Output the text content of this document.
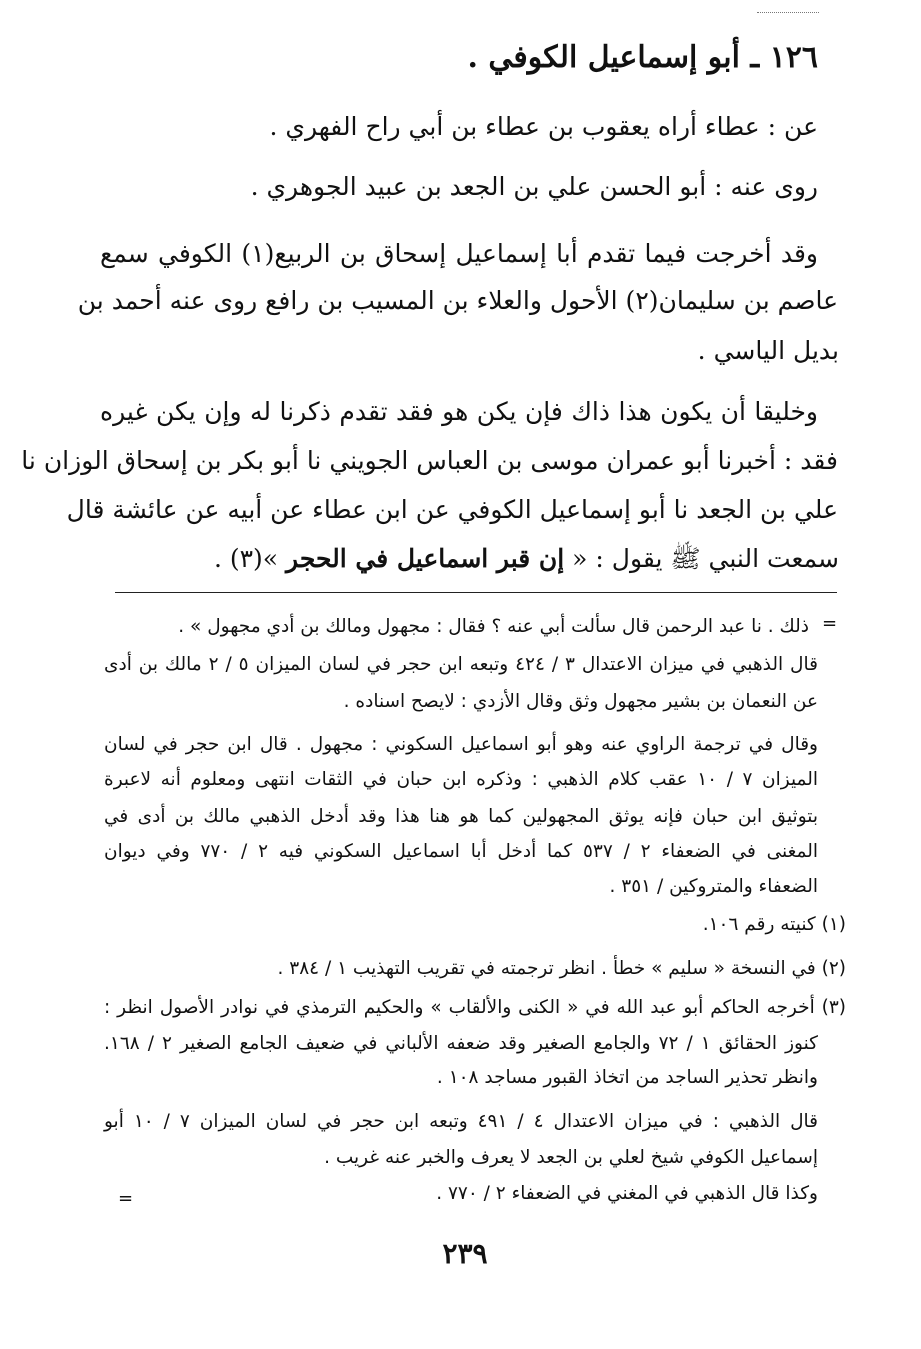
١٢٦ ـ أبو إسماعيل الكوفي .
عن : عطاء أراه يعقوب بن عطاء بن أبي راح الفهري .
روى عنه : أبو الحسن علي بن الجعد بن عبيد الجوهري .
وقد أخرجت فيما تقدم أبا إسماعيل إسحاق بن الربيع(١) الكوفي سمع
عاصم بن سليمان(٢) الأحول والعلاء بن المسيب بن رافع روى عنه أحمد بن
بديل الياسي .
وخليقا أن يكون هذا ذاك فإن يكن هو فقد تقدم ذكرنا له وإن يكن غيره
فقد : أخبرنا أبو عمران موسى بن العباس الجويني نا أبو بكر بن إسحاق الوزان نا
علي بن الجعد نا أبو إسماعيل الكوفي عن ابن عطاء عن أبيه عن عائشة قال
سمعت النبي ﷺ يقول : « إن قبر اسماعيل في الحجر »(٣) .
=
ذلك . نا عبد الرحمن قال سألت أبي عنه ؟ فقال : مجهول ومالك بن أدي مجهول » .
قال الذهبي في ميزان الاعتدال ٣ / ٤٢٤ وتبعه ابن حجر في لسان الميزان ٥ / ٢ مالك بن أدى
عن النعمان بن بشير مجهول وثق وقال الأزدي : لايصح اسناده .
وقال في ترجمة الراوي عنه وهو أبو اسماعيل السكوني : مجهول . قال ابن حجر في لسان
الميزان ٧ / ١٠ عقب كلام الذهبي : وذكره ابن حبان في الثقات انتهى ومعلوم أنه لاعبرة
بتوثيق ابن حبان فإنه يوثق المجهولين كما هو هنا هذا وقد أدخل الذهبي مالك بن أدى في
المغنى في الضعفاء ٢ / ٥٣٧ كما أدخل أبا اسماعيل السكوني فيه ٢ / ٧٧٠ وفي ديوان
الضعفاء والمتروكين / ٣٥١ .
(١) كنيته رقم ١٠٦.
(٢) في النسخة « سليم » خطأ . انظر ترجمته في تقريب التهذيب ١ / ٣٨٤ .
(٣) أخرجه الحاكم أبو عبد الله في « الكنى والألقاب » والحكيم الترمذي في نوادر الأصول انظر :
كنوز الحقائق ١ / ٧٢ والجامع الصغير وقد ضعفه الألباني في ضعيف الجامع الصغير ٢ / ١٦٨.
وانظر تحذير الساجد من اتخاذ القبور مساجد ١٠٨ .
قال الذهبي : في ميزان الاعتدال ٤ / ٤٩١ وتبعه ابن حجر في لسان الميزان ٧ / ١٠ أبو
إسماعيل الكوفي شيخ لعلي بن الجعد لا يعرف والخبر عنه غريب .
وكذا قال الذهبي في المغني في الضعفاء ٢ / ٧٧٠ .
=
٢٣٩
